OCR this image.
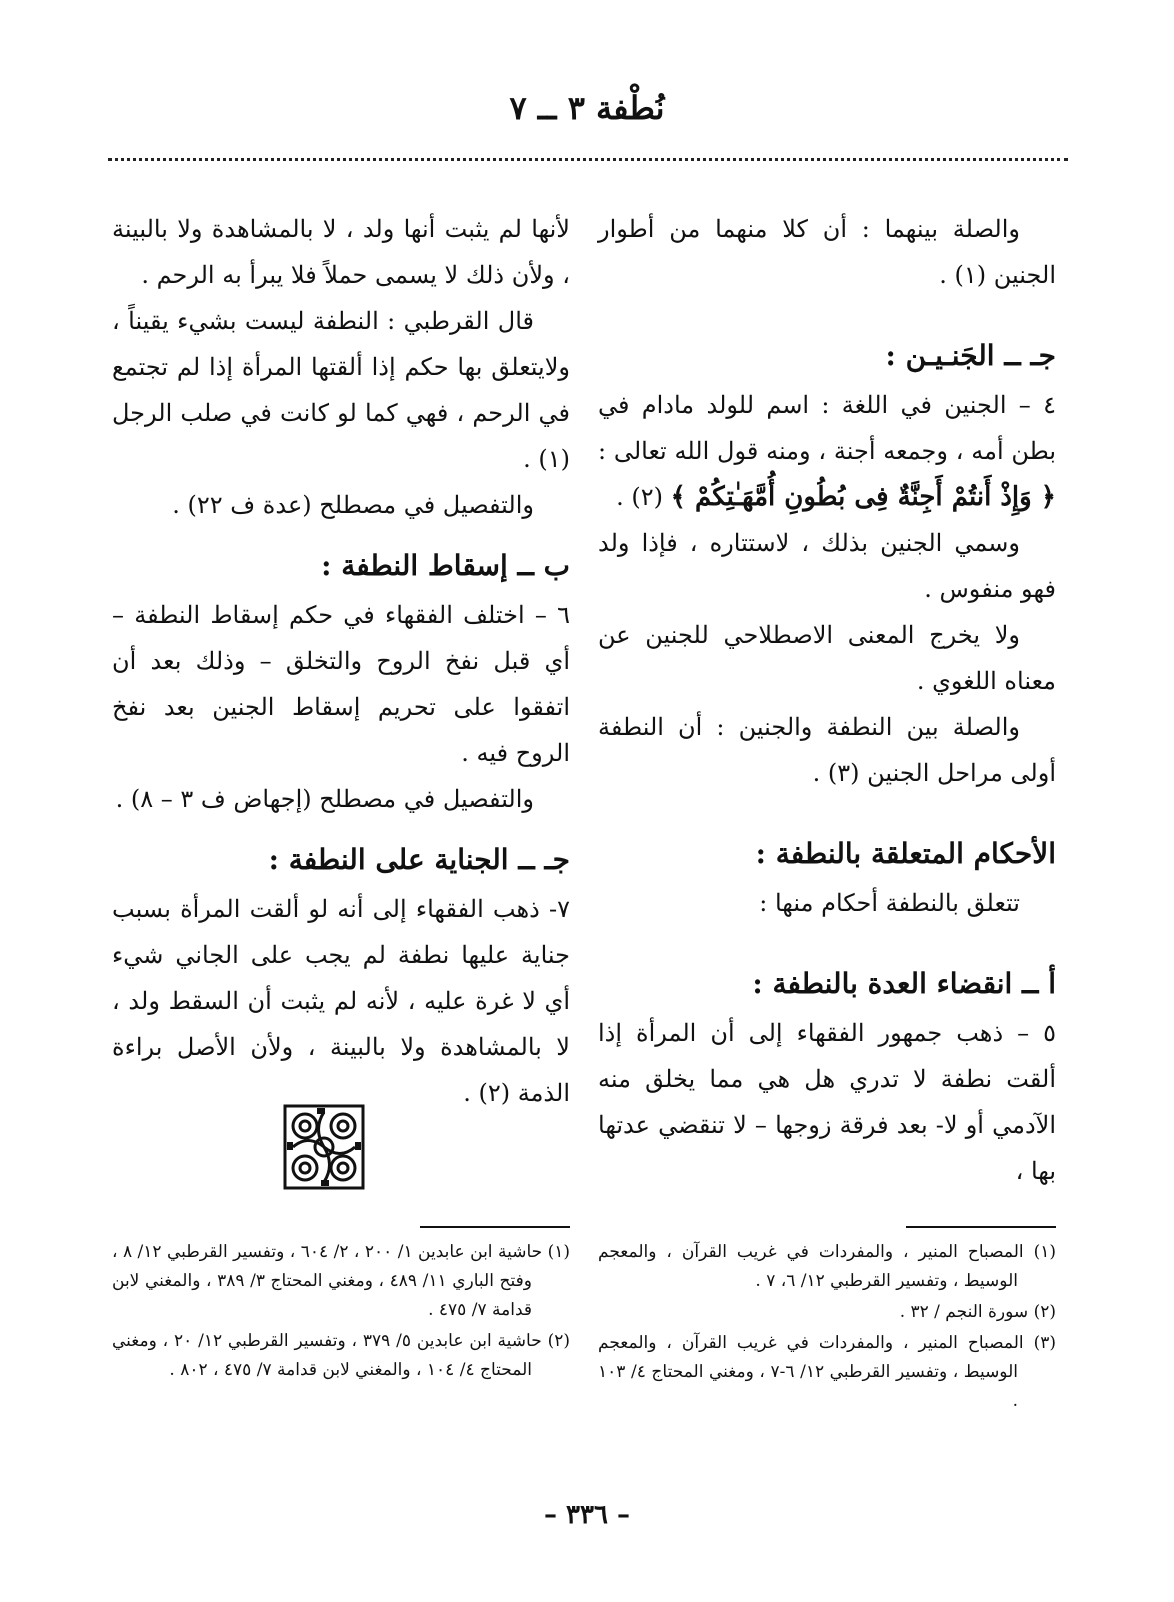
نُطْفة ٣ ــ ٧

والصلة بينهما : أن كلا منهما من أطوار الجنين (١) .

جـ ــ الجَنـيـن :

٤ – الجنين في اللغة : اسم للولد مادام في بطن أمه ، وجمعه أجنة ، ومنه قول الله تعالى : ﴿ وَإِذْ أَنتُمْ أَجِنَّةٌ فِى بُطُونِ أُمَّهَـٰتِكُمْ ﴾ (٢) .

وسمي الجنين بذلك ، لاستتاره ، فإذا ولد فهو منفوس .

ولا يخرج المعنى الاصطلاحي للجنين عن معناه اللغوي .

والصلة بين النطفة والجنين : أن النطفة أولى مراحل الجنين (٣) .

الأحكام المتعلقة بالنطفة :

تتعلق بالنطفة أحكام منها :

أ ــ انقضاء العدة بالنطفة :

٥ – ذهب جمهور الفقهاء إلى أن المرأة إذا ألقت نطفة لا تدري هل هي مما يخلق منه الآدمي أو لا- بعد فرقة زوجها – لا تنقضي عدتها بها ،

لأنها لم يثبت أنها ولد ، لا بالمشاهدة ولا بالبينة ، ولأن ذلك لا يسمى حملاً فلا يبرأ به الرحم .

قال القرطبي : النطفة ليست بشيء يقيناً ، ولايتعلق بها حكم إذا ألقتها المرأة إذا لم تجتمع في الرحم ، فهي كما لو كانت في صلب الرجل (١) .

والتفصيل في مصطلح (عدة ف ٢٢) .

ب ــ إسقاط النطفة :

٦ – اختلف الفقهاء في حكم إسقاط النطفة – أي قبل نفخ الروح والتخلق – وذلك بعد أن اتفقوا على تحريم إسقاط الجنين بعد نفخ الروح فيه .

والتفصيل في مصطلح (إجهاض ف ٣ – ٨) .

جـ ــ الجناية على النطفة :

٧- ذهب الفقهاء إلى أنه لو ألقت المرأة بسبب جناية عليها نطفة لم يجب على الجاني شيء أي لا غرة عليه ، لأنه لم يثبت أن السقط ولد ، لا بالمشاهدة ولا بالبينة ، ولأن الأصل براءة الذمة (٢) .

(١) المصباح المنير ، والمفردات في غريب القرآن ، والمعجم الوسيط ، وتفسير القرطبي ١٢/ ٦، ٧ .

(٢) سورة النجم / ٣٢ .

(٣) المصباح المنير ، والمفردات في غريب القرآن ، والمعجم الوسيط ، وتفسير القرطبي ١٢/ ٦-٧ ، ومغني المحتاج ٤/ ١٠٣ .

(١) حاشية ابن عابدين ١/ ٢٠٠ ، ٢/ ٦٠٤ ، وتفسير القرطبي ١٢/ ٨ ، وفتح الباري ١١/ ٤٨٩ ، ومغني المحتاج ٣/ ٣٨٩ ، والمغني لابن قدامة ٧/ ٤٧٥ .

(٢) حاشية ابن عابدين ٥/ ٣٧٩ ، وتفسير القرطبي ١٢/ ٢٠ ، ومغني المحتاج ٤/ ١٠٤ ، والمغني لابن قدامة ٧/ ٤٧٥ ، ٨٠٢ .

– ٣٣٦ –
